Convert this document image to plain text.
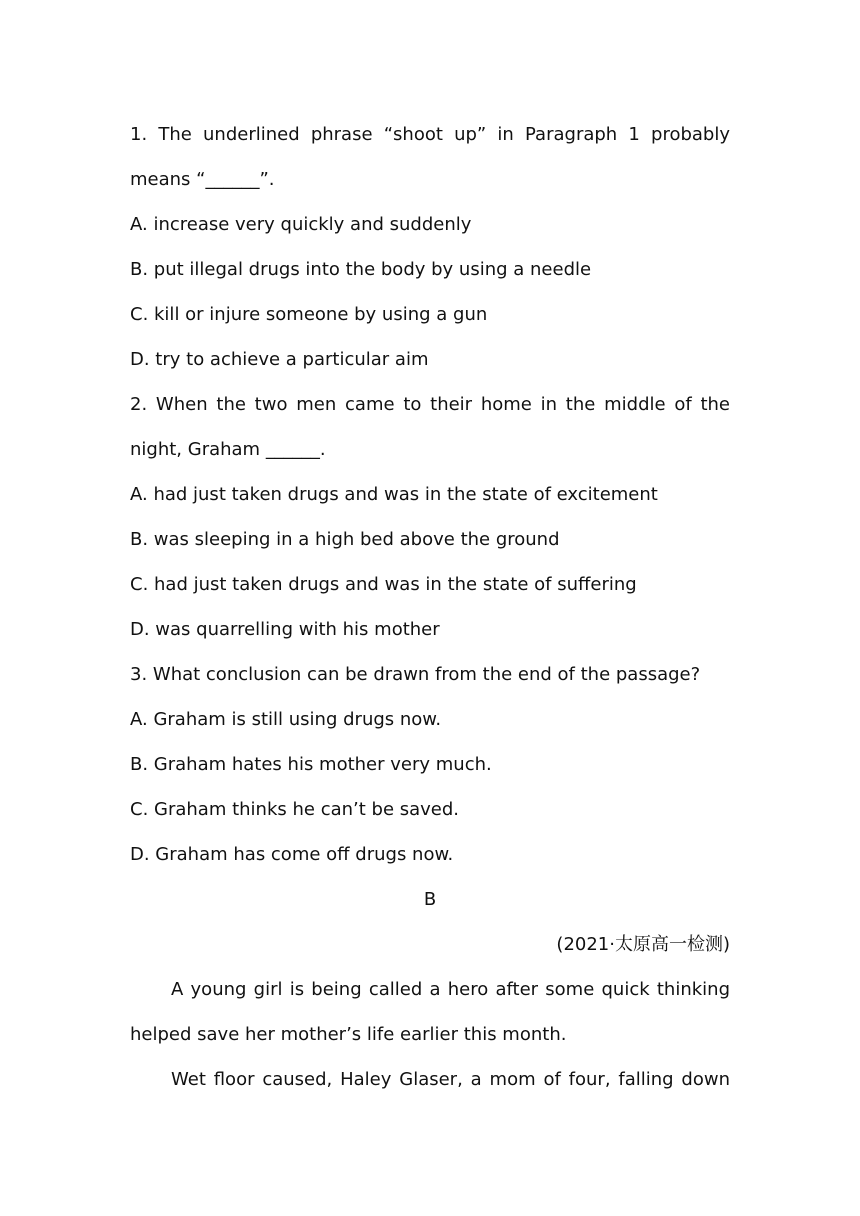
1. The underlined phrase “shoot up” in Paragraph 1 probably means “______”.

A. increase very quickly and suddenly

B. put illegal drugs into the body by using a needle

C. kill or injure someone by using a gun

D. try to achieve a particular aim

2. When the two men came to their home in the middle of the night, Graham ______.

A. had just taken drugs and was in the state of excitement

B. was sleeping in a high bed above the ground

C. had just taken drugs and was in the state of suffering

D. was quarrelling with his mother

3. What conclusion can be drawn from the end of the passage?

A. Graham is still using drugs now.

B. Graham hates his mother very much.

C. Graham thinks he can’t be saved.

D. Graham has come off drugs now.

B

(2021·太原高一检测)

A young girl is being called a hero after some quick thinking helped save her mother’s life earlier this month.

Wet floor caused, Haley Glaser, a mom of four, falling down
